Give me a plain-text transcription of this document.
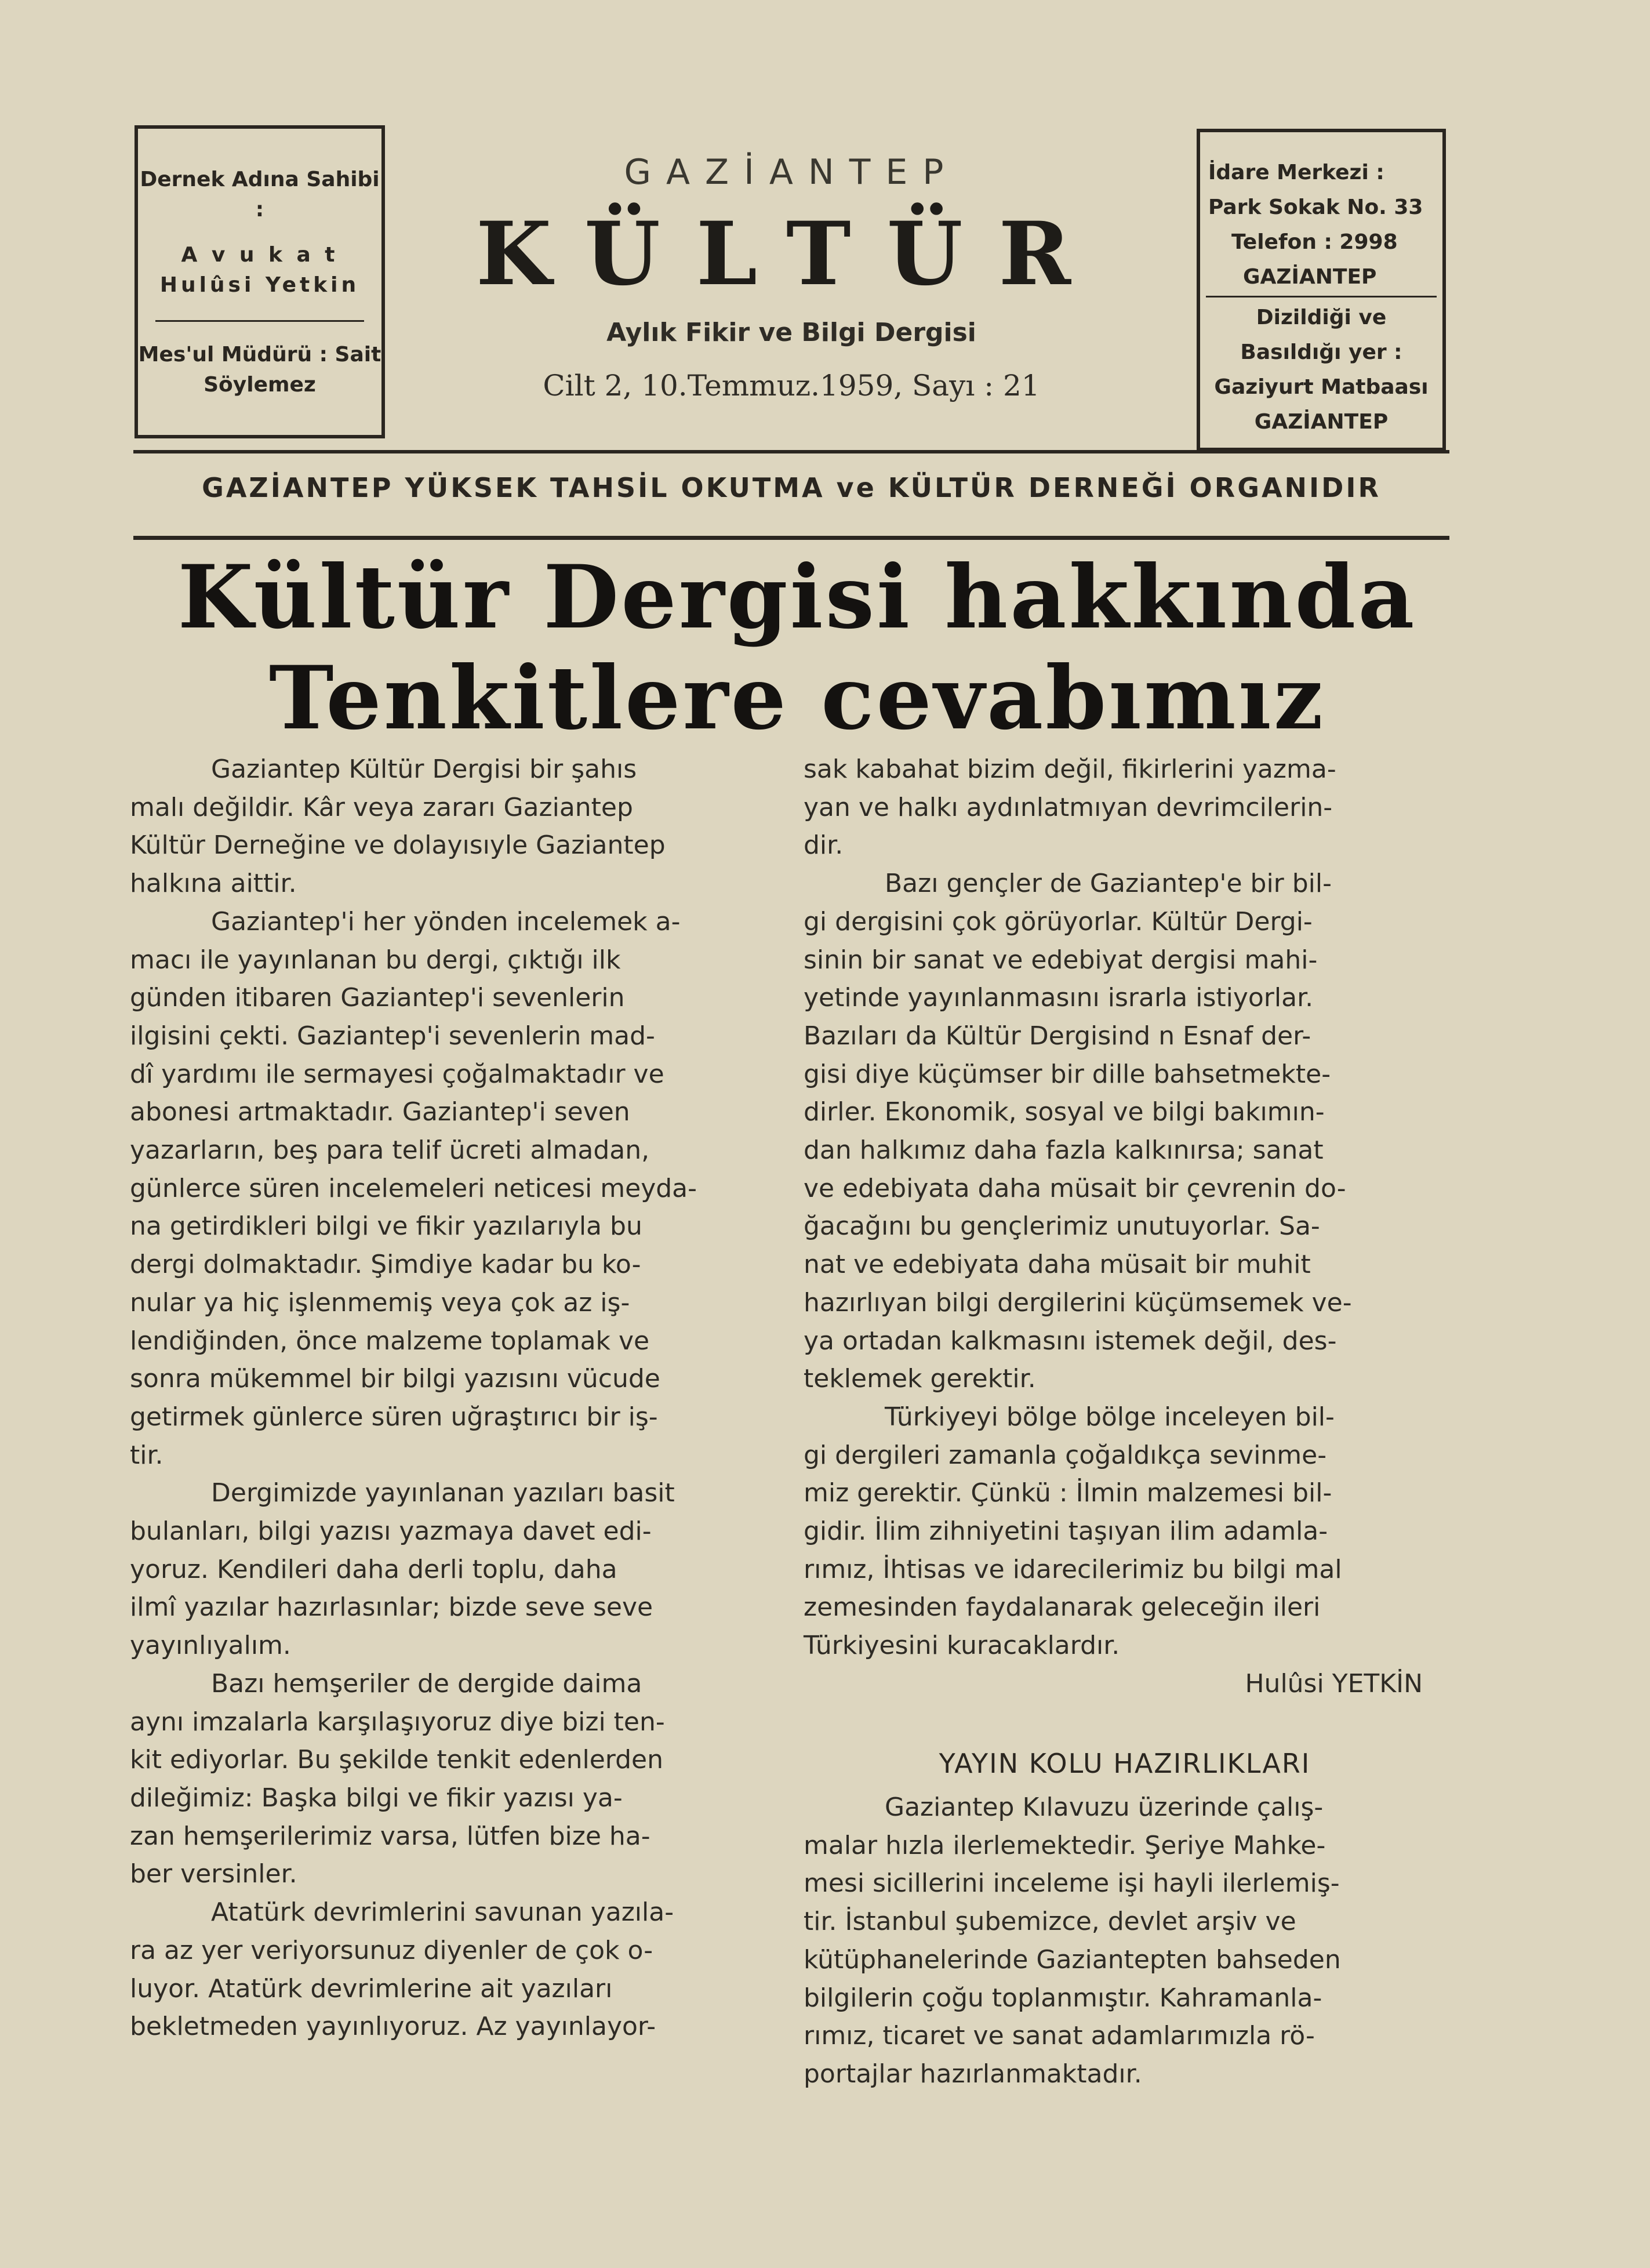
Dernek Adına Sahibi :
A v u k a t Hulûsi Yetkin
Mes'ul Müdürü : Sait Söylemez
GAZİANTEP
KÜLTÜR
Aylık Fikir ve Bilgi Dergisi
Cilt 2, 10.Temmuz.1959, Sayı : 21
İdare Merkezi :
Park Sokak No. 33
Telefon : 2998
GAZİANTEP
Dizildiği ve
Basıldığı yer :
Gaziyurt Matbaası
GAZİANTEP
GAZİANTEP YÜKSEK TAHSİL OKUTMA ve KÜLTÜR DERNEĞİ ORGANIDIR
Kültür Dergisi hakkında
Tenkitlere cevabımız
Gaziantep Kültür Dergisi bir şahıs
malı değildir. Kâr veya zararı Gaziantep
Kültür Derneğine ve dolayısıyle Gaziantep
halkına aittir.
Gaziantep'i her yönden incelemek a-
macı ile yayınlanan bu dergi, çıktığı ilk
günden itibaren Gaziantep'i sevenlerin
ilgisini çekti. Gaziantep'i sevenlerin mad-
dî yardımı ile sermayesi çoğalmaktadır ve
abonesi artmaktadır. Gaziantep'i seven
yazarların, beş para telif ücreti almadan,
günlerce süren incelemeleri neticesi meyda-
na getirdikleri bilgi ve fikir yazılarıyla bu
dergi dolmaktadır. Şimdiye kadar bu ko-
nular ya hiç işlenmemiş veya çok az iş-
lendiğinden, önce malzeme toplamak ve
sonra mükemmel bir bilgi yazısını vücude
getirmek günlerce süren uğraştırıcı bir iş-
tir.
Dergimizde yayınlanan yazıları basit
bulanları, bilgi yazısı yazmaya davet edi-
yoruz. Kendileri daha derli toplu, daha
ilmî yazılar hazırlasınlar; bizde seve seve
yayınlıyalım.
Bazı hemşeriler de dergide daima
aynı imzalarla karşılaşıyoruz diye bizi ten-
kit ediyorlar. Bu şekilde tenkit edenlerden
dileğimiz: Başka bilgi ve fikir yazısı ya-
zan hemşerilerimiz varsa, lütfen bize ha-
ber versinler.
Atatürk devrimlerini savunan yazıla-
ra az yer veriyorsunuz diyenler de çok o-
luyor. Atatürk devrimlerine ait yazıları
bekletmeden yayınlıyoruz. Az yayınlayor-
sak kabahat bizim değil, fikirlerini yazma-
yan ve halkı aydınlatmıyan devrimcilerin-
dir.
Bazı gençler de Gaziantep'e bir bil-
gi dergisini çok görüyorlar. Kültür Dergi-
sinin bir sanat ve edebiyat dergisi mahi-
yetinde yayınlanmasını israrla istiyorlar.
Bazıları da Kültür Dergisind n Esnaf der-
gisi diye küçümser bir dille bahsetmekte-
dirler. Ekonomik, sosyal ve bilgi bakımın-
dan halkımız daha fazla kalkınırsa; sanat
ve edebiyata daha müsait bir çevrenin do-
ğacağını bu gençlerimiz unutuyorlar. Sa-
nat ve edebiyata daha müsait bir muhit
hazırlıyan bilgi dergilerini küçümsemek ve-
ya ortadan kalkmasını istemek değil, des-
teklemek gerektir.
Türkiyeyi bölge bölge inceleyen bil-
gi dergileri zamanla çoğaldıkça sevinme-
miz gerektir. Çünkü : İlmin malzemesi bil-
gidir. İlim zihniyetini taşıyan ilim adamla-
rımız, İhtisas ve idarecilerimiz bu bilgi mal
zemesinden faydalanarak geleceğin ileri
Türkiyesini kuracaklardır.
Hulûsi YETKİN
YAYIN KOLU HAZIRLIKLARI
Gaziantep Kılavuzu üzerinde çalış-
malar hızla ilerlemektedir. Şeriye Mahke-
mesi sicillerini inceleme işi hayli ilerlemiş-
tir. İstanbul şubemizce, devlet arşiv ve
kütüphanelerinde Gaziantepten bahseden
bilgilerin çoğu toplanmıştır. Kahramanla-
rımız, ticaret ve sanat adamlarımızla rö-
portajlar hazırlanmaktadır.
